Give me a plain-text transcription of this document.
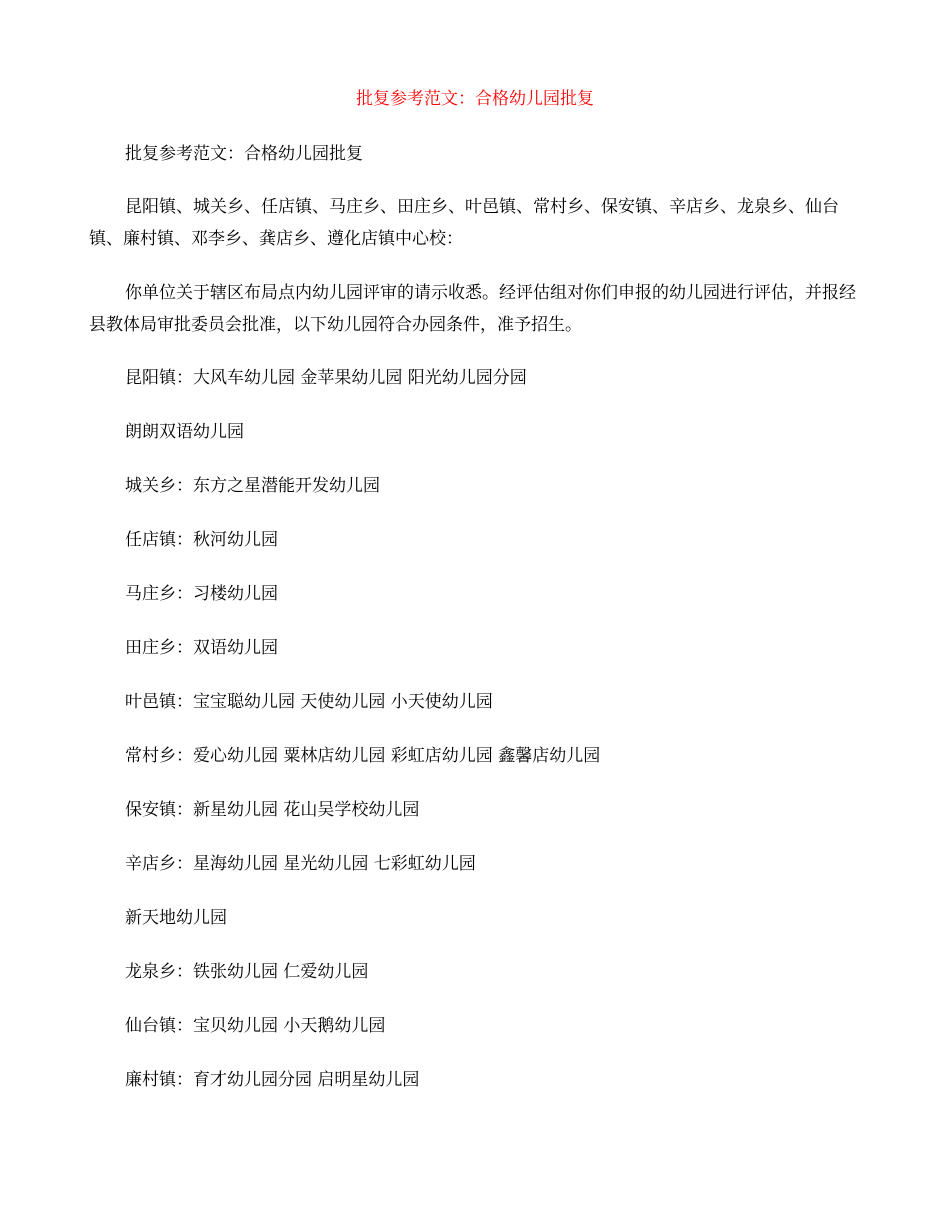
批复参考范文：合格幼儿园批复

批复参考范文：合格幼儿园批复

昆阳镇、城关乡、任店镇、马庄乡、田庄乡、叶邑镇、常村乡、保安镇、辛店乡、龙泉乡、仙台镇、廉村镇、邓李乡、龚店乡、遵化店镇中心校：

你单位关于辖区布局点内幼儿园评审的请示收悉。经评估组对你们申报的幼儿园进行评估，并报经县教体局审批委员会批准，以下幼儿园符合办园条件，准予招生。

昆阳镇：大风车幼儿园 金苹果幼儿园 阳光幼儿园分园

朗朗双语幼儿园

城关乡：东方之星潜能开发幼儿园

任店镇：秋河幼儿园

马庄乡：习楼幼儿园

田庄乡：双语幼儿园

叶邑镇：宝宝聪幼儿园 天使幼儿园 小天使幼儿园

常村乡：爱心幼儿园 粟林店幼儿园 彩虹店幼儿园 鑫馨店幼儿园

保安镇：新星幼儿园 花山吴学校幼儿园

辛店乡：星海幼儿园 星光幼儿园 七彩虹幼儿园

新天地幼儿园

龙泉乡：铁张幼儿园 仁爱幼儿园

仙台镇：宝贝幼儿园 小天鹅幼儿园

廉村镇：育才幼儿园分园 启明星幼儿园
